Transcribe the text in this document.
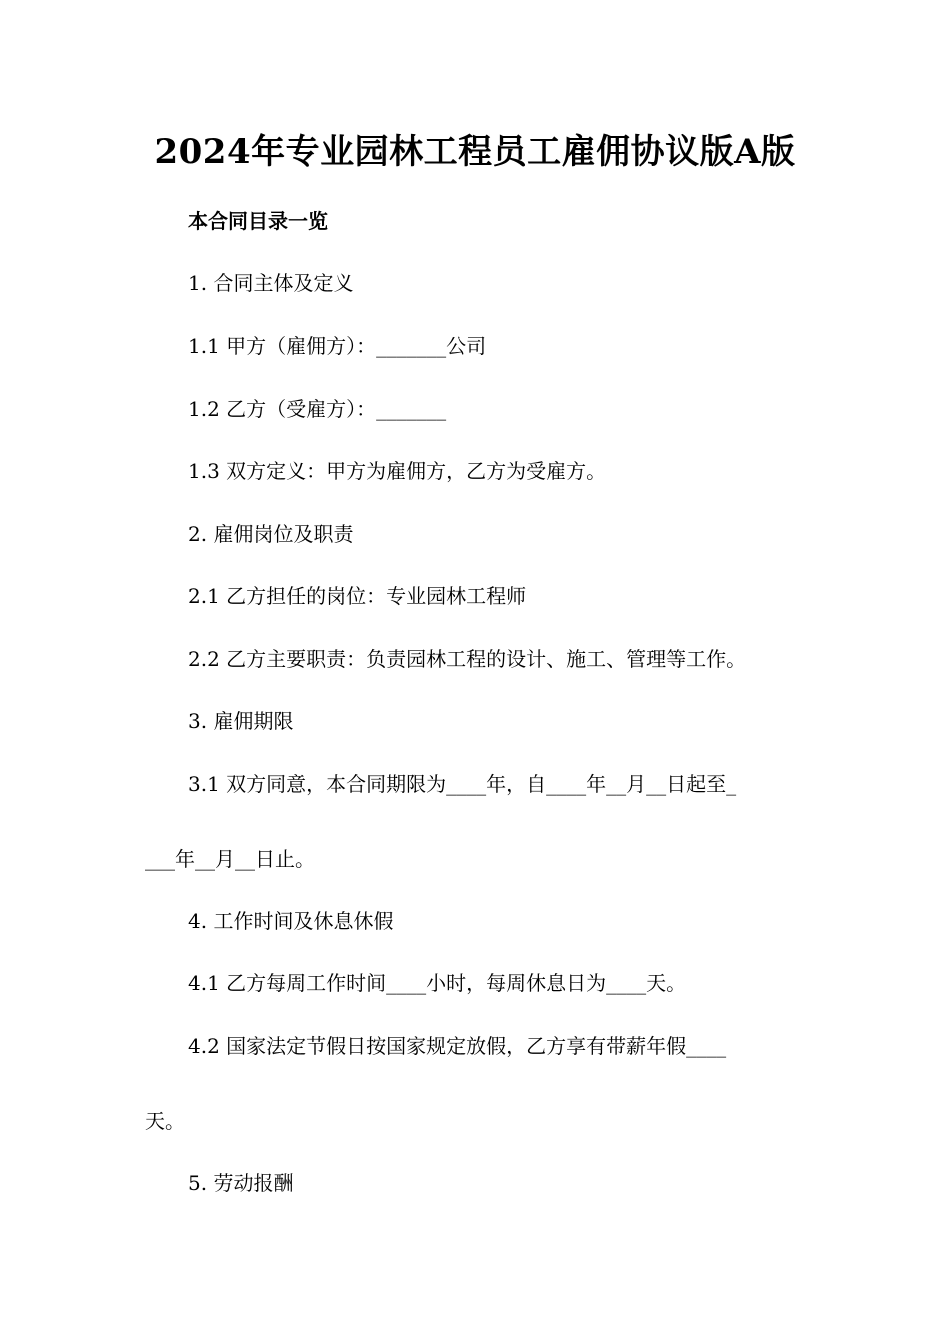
2024年专业园林工程员工雇佣协议版A版

本合同目录一览

1. 合同主体及定义

1.1 甲方（雇佣方）：_______公司

1.2 乙方（受雇方）：_______

1.3 双方定义：甲方为雇佣方，乙方为受雇方。

2. 雇佣岗位及职责

2.1 乙方担任的岗位：专业园林工程师

2.2 乙方主要职责：负责园林工程的设计、施工、管理等工作。

3. 雇佣期限

3.1 双方同意，本合同期限为____年，自____年__月__日起至_

___年__月__日止。

4. 工作时间及休息休假

4.1 乙方每周工作时间____小时，每周休息日为____天。

4.2 国家法定节假日按国家规定放假，乙方享有带薪年假____

天。

5. 劳动报酬
